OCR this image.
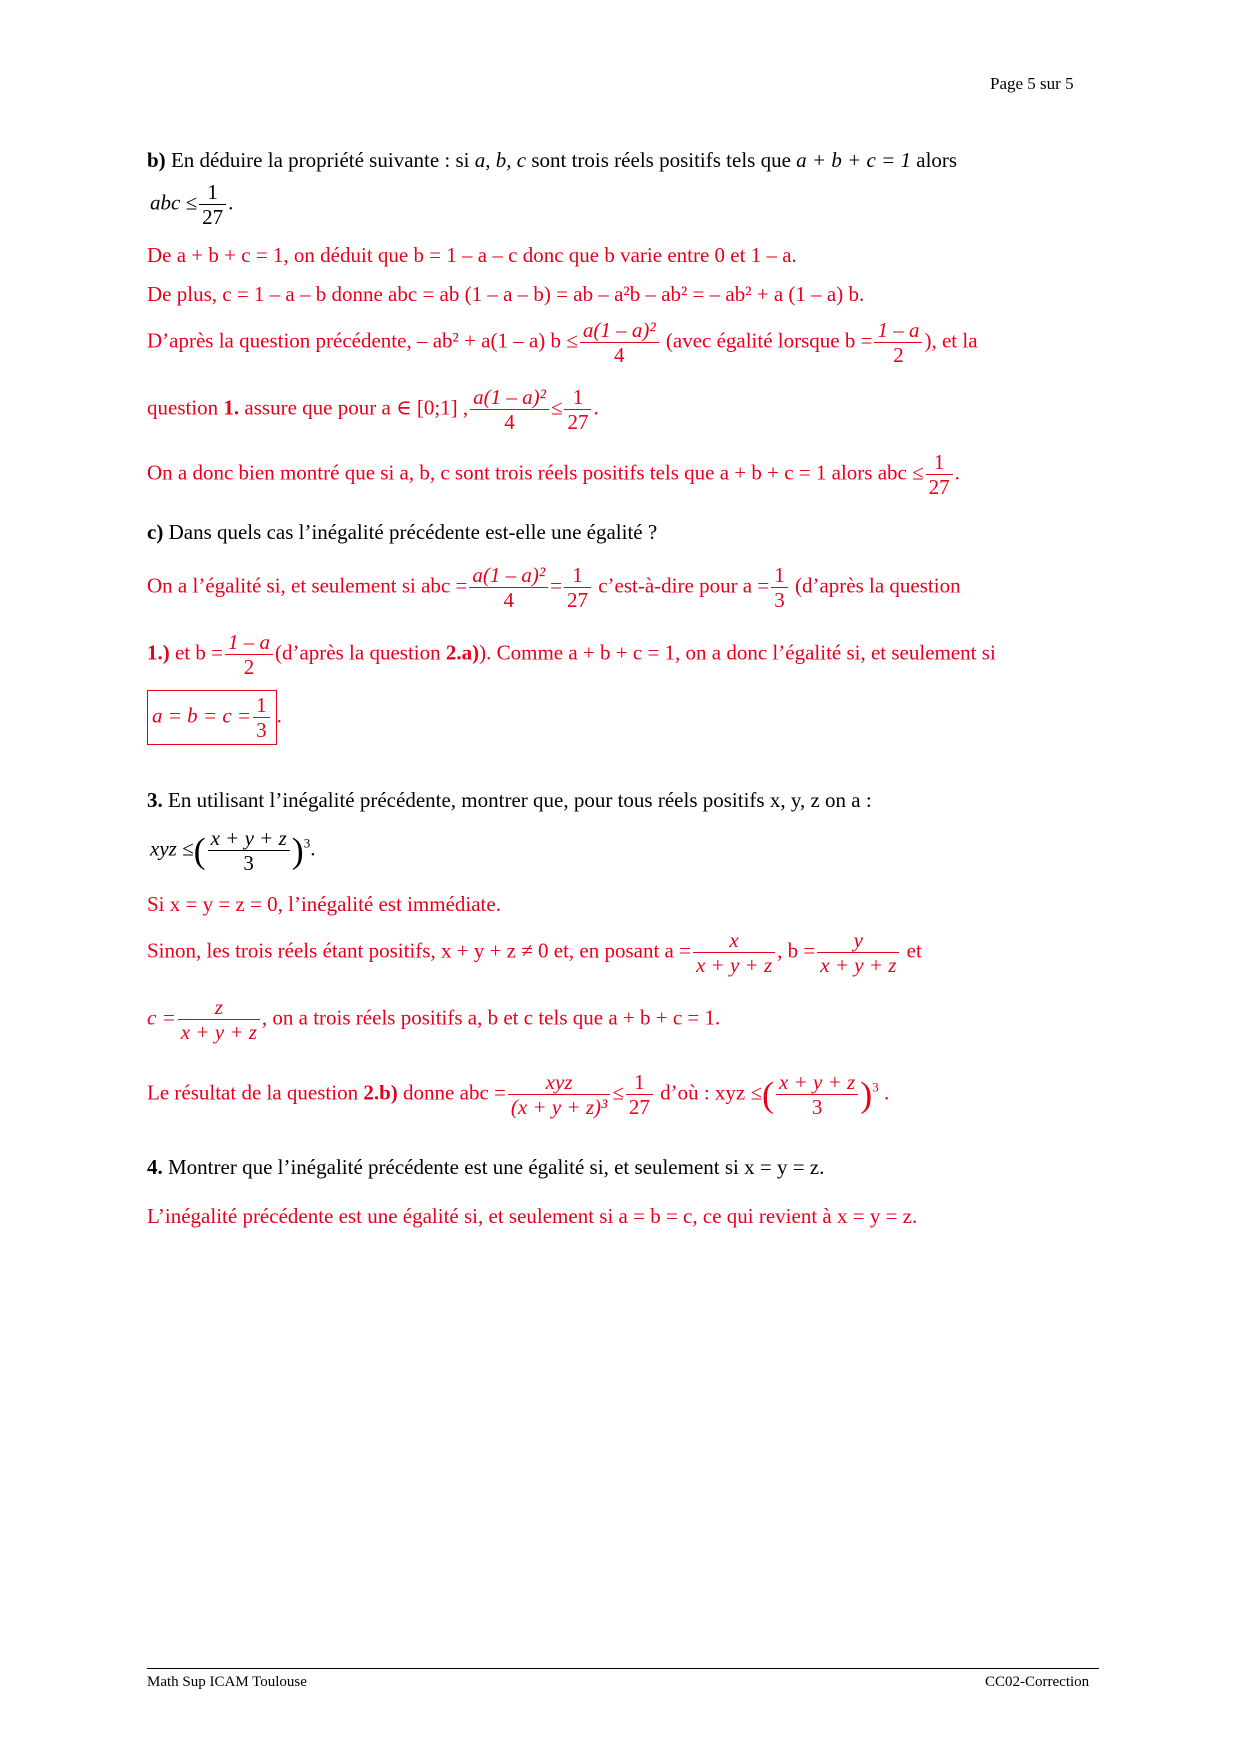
Page 5 sur 5
b) En déduire la propriété suivante : si a, b, c sont trois réels positifs tels que a + b + c = 1 alors
abc ≤ $\frac{1}{27}$ .
De a + b + c = 1, on déduit que b = 1 – a – c donc que b varie entre 0 et 1 – a.
De plus, c = 1 – a – b donne abc = ab (1 – a – b) = ab – a²b – ab² = – ab² + a (1 – a) b.
D’après la question précédente, – ab² + a(1 – a) $b \le \frac{\text{a(1 – a)²}}{4}$ (avec égalité lorsque $b = \frac{1 - a}{2}$ ), et la
question 1. assure que pour a ∈ [0;1] , $\frac{\text{a(1 – a)²}}{4} \le \frac{1}{27}$ .
On a donc bien montré que si a, b, c sont trois réels positifs tels que a + b + c = 1 alors abc ≤ $\frac{1}{27}$ .
c) Dans quels cas l’inégalité précédente est-elle une égalité ?
On a l’égalité si, et seulement si abc = $\frac{\text{a(1 – a)²}}{4} = \frac{1}{27}$ c’est-à-dire pour $a = \frac{1}{3}$ (d’après la question
1.) et $b = \frac{1 - a}{2}$ (d’après la question 2.a)). Comme a + b + c = 1, on a donc l’égalité si, et seulement si
$a = b = c = \frac{1}{3}$ .
3. En utilisant l’inégalité précédente, montrer que, pour tous réels positifs x, y, z on a :
xyz ≤( $\frac{x + y + z}{3} )^3$.
Si x = y = z = 0, l’inégalité est immédiate.
Sinon, les trois réels étant positifs, x + y + z ≠ 0 et, en posant $a = \frac{x}{x + y + z}$ , $b = \frac{y}{x + y + z}$ et
$c = \frac{z}{x + y + z}$ , on a trois réels positifs a, b et c tels que a + b + c = 1.
Le résultat de la question 2.b) donne abc = $\frac{\text{xyz}}{\text{(x + y + z)³}} \le \frac{1}{27}$ d’où : xyz ≤( $\frac{x + y + z}{3} )^3$ .
4. Montrer que l’inégalité précédente est une égalité si, et seulement si x = y = z.
L’inégalité précédente est une égalité si, et seulement si a = b = c, ce qui revient à x = y = z.
Math Sup ICAM Toulouse	CC02-Correction
